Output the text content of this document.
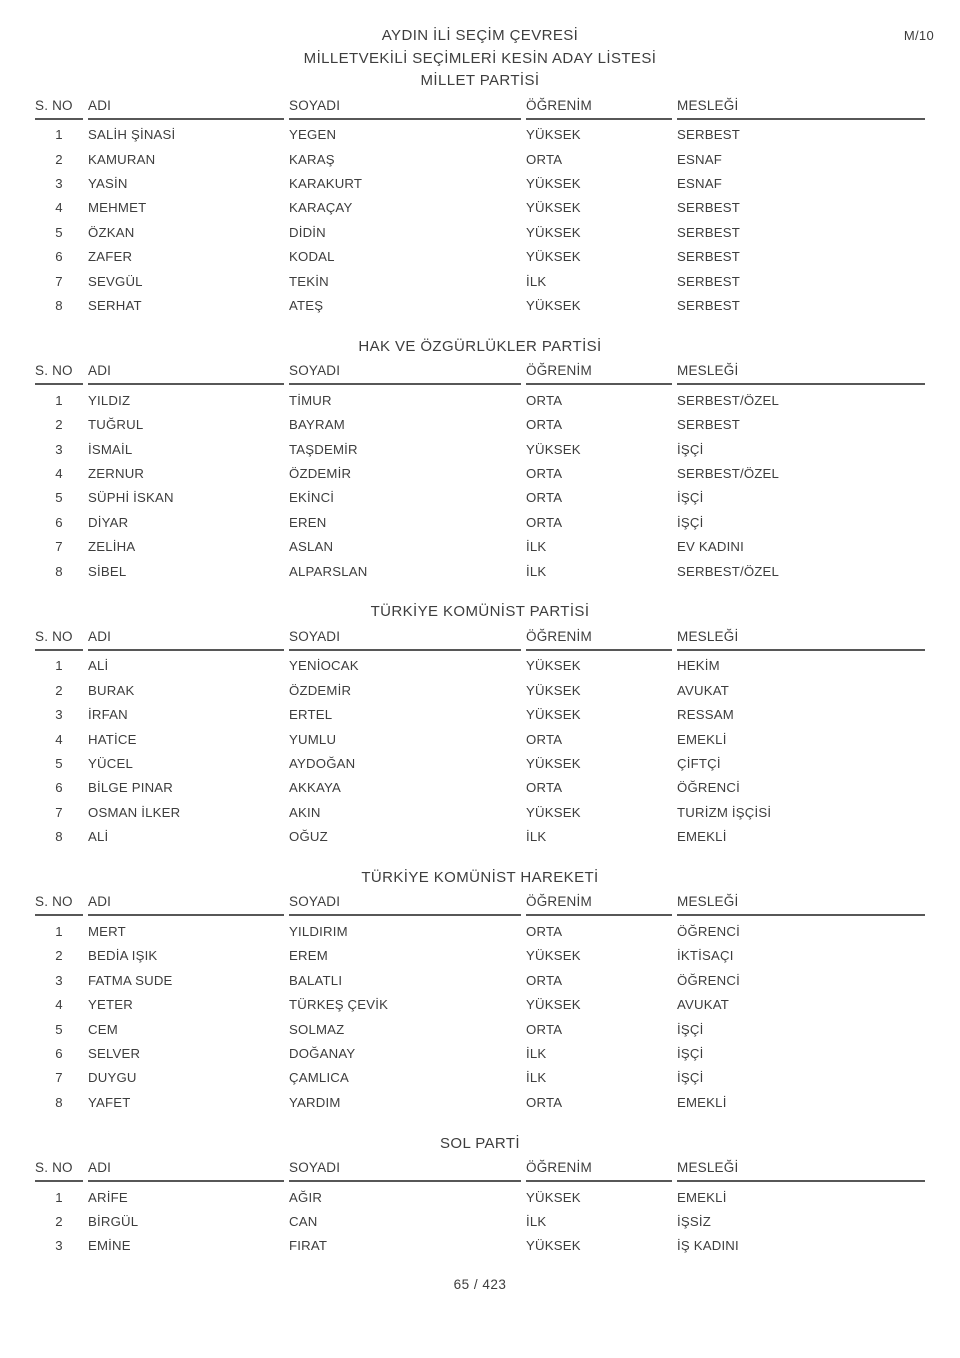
M/10
AYDIN İLİ SEÇİM ÇEVRESİ
MİLLETVEKİLİ SEÇİMLERİ KESİN ADAY LİSTESİ
MİLLET PARTİSİ
S. NO	ADI	SOYADI	ÖĞRENİM	MESLEĞİ
1	SALİH ŞİNASİ	YEGEN	YÜKSEK	SERBEST
2	KAMURAN	KARAŞ	ORTA	ESNAF
3	YASİN	KARAKURT	YÜKSEK	ESNAF
4	MEHMET	KARAÇAY	YÜKSEK	SERBEST
5	ÖZKAN	DİDİN	YÜKSEK	SERBEST
6	ZAFER	KODAL	YÜKSEK	SERBEST
7	SEVGÜL	TEKİN	İLK	SERBEST
8	SERHAT	ATEŞ	YÜKSEK	SERBEST
HAK VE ÖZGÜRLÜKLER PARTİSİ
S. NO	ADI	SOYADI	ÖĞRENİM	MESLEĞİ
1	YILDIZ	TİMUR	ORTA	SERBEST/ÖZEL
2	TUĞRUL	BAYRAM	ORTA	SERBEST
3	İSMAİL	TAŞDEMİR	YÜKSEK	İŞÇİ
4	ZERNUR	ÖZDEMİR	ORTA	SERBEST/ÖZEL
5	SÜPHİ İSKAN	EKİNCİ	ORTA	İŞÇİ
6	DİYAR	EREN	ORTA	İŞÇİ
7	ZELİHA	ASLAN	İLK	EV KADINI
8	SİBEL	ALPARSLAN	İLK	SERBEST/ÖZEL
TÜRKİYE KOMÜNİST PARTİSİ
S. NO	ADI	SOYADI	ÖĞRENİM	MESLEĞİ
1	ALİ	YENİOCAK	YÜKSEK	HEKİM
2	BURAK	ÖZDEMİR	YÜKSEK	AVUKAT
3	İRFAN	ERTEL	YÜKSEK	RESSAM
4	HATİCE	YUMLU	ORTA	EMEKLİ
5	YÜCEL	AYDOĞAN	YÜKSEK	ÇİFTÇİ
6	BİLGE PINAR	AKKAYA	ORTA	ÖĞRENCİ
7	OSMAN İLKER	AKIN	YÜKSEK	TURİZM İŞÇİSİ
8	ALİ	OĞUZ	İLK	EMEKLİ
TÜRKİYE KOMÜNİST HAREKETİ
S. NO	ADI	SOYADI	ÖĞRENİM	MESLEĞİ
1	MERT	YILDIRIM	ORTA	ÖĞRENCİ
2	BEDİA IŞIK	EREM	YÜKSEK	İKTİSAÇI
3	FATMA SUDE	BALATLI	ORTA	ÖĞRENCİ
4	YETER	TÜRKEŞ ÇEVİK	YÜKSEK	AVUKAT
5	CEM	SOLMAZ	ORTA	İŞÇİ
6	SELVER	DOĞANAY	İLK	İŞÇİ
7	DUYGU	ÇAMLICA	İLK	İŞÇİ
8	YAFET	YARDIM	ORTA	EMEKLİ
SOL PARTİ
S. NO	ADI	SOYADI	ÖĞRENİM	MESLEĞİ
1	ARİFE	AĞIR	YÜKSEK	EMEKLİ
2	BİRGÜL	CAN	İLK	İŞSİZ
3	EMİNE	FIRAT	YÜKSEK	İŞ KADINI
65 / 423
